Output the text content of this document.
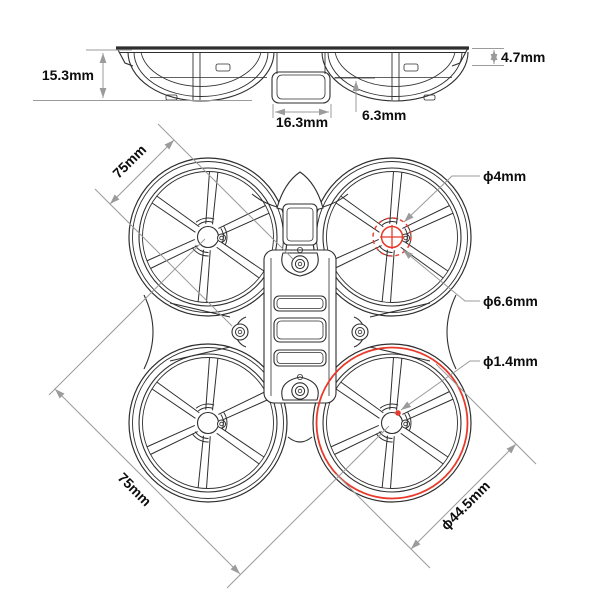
15.3mm
4.7mm
16.3mm 6.3mm
75mm
75mm	ϕ44.5mm
ϕ4mm
ϕ6.6mm
ϕ1.4mm
